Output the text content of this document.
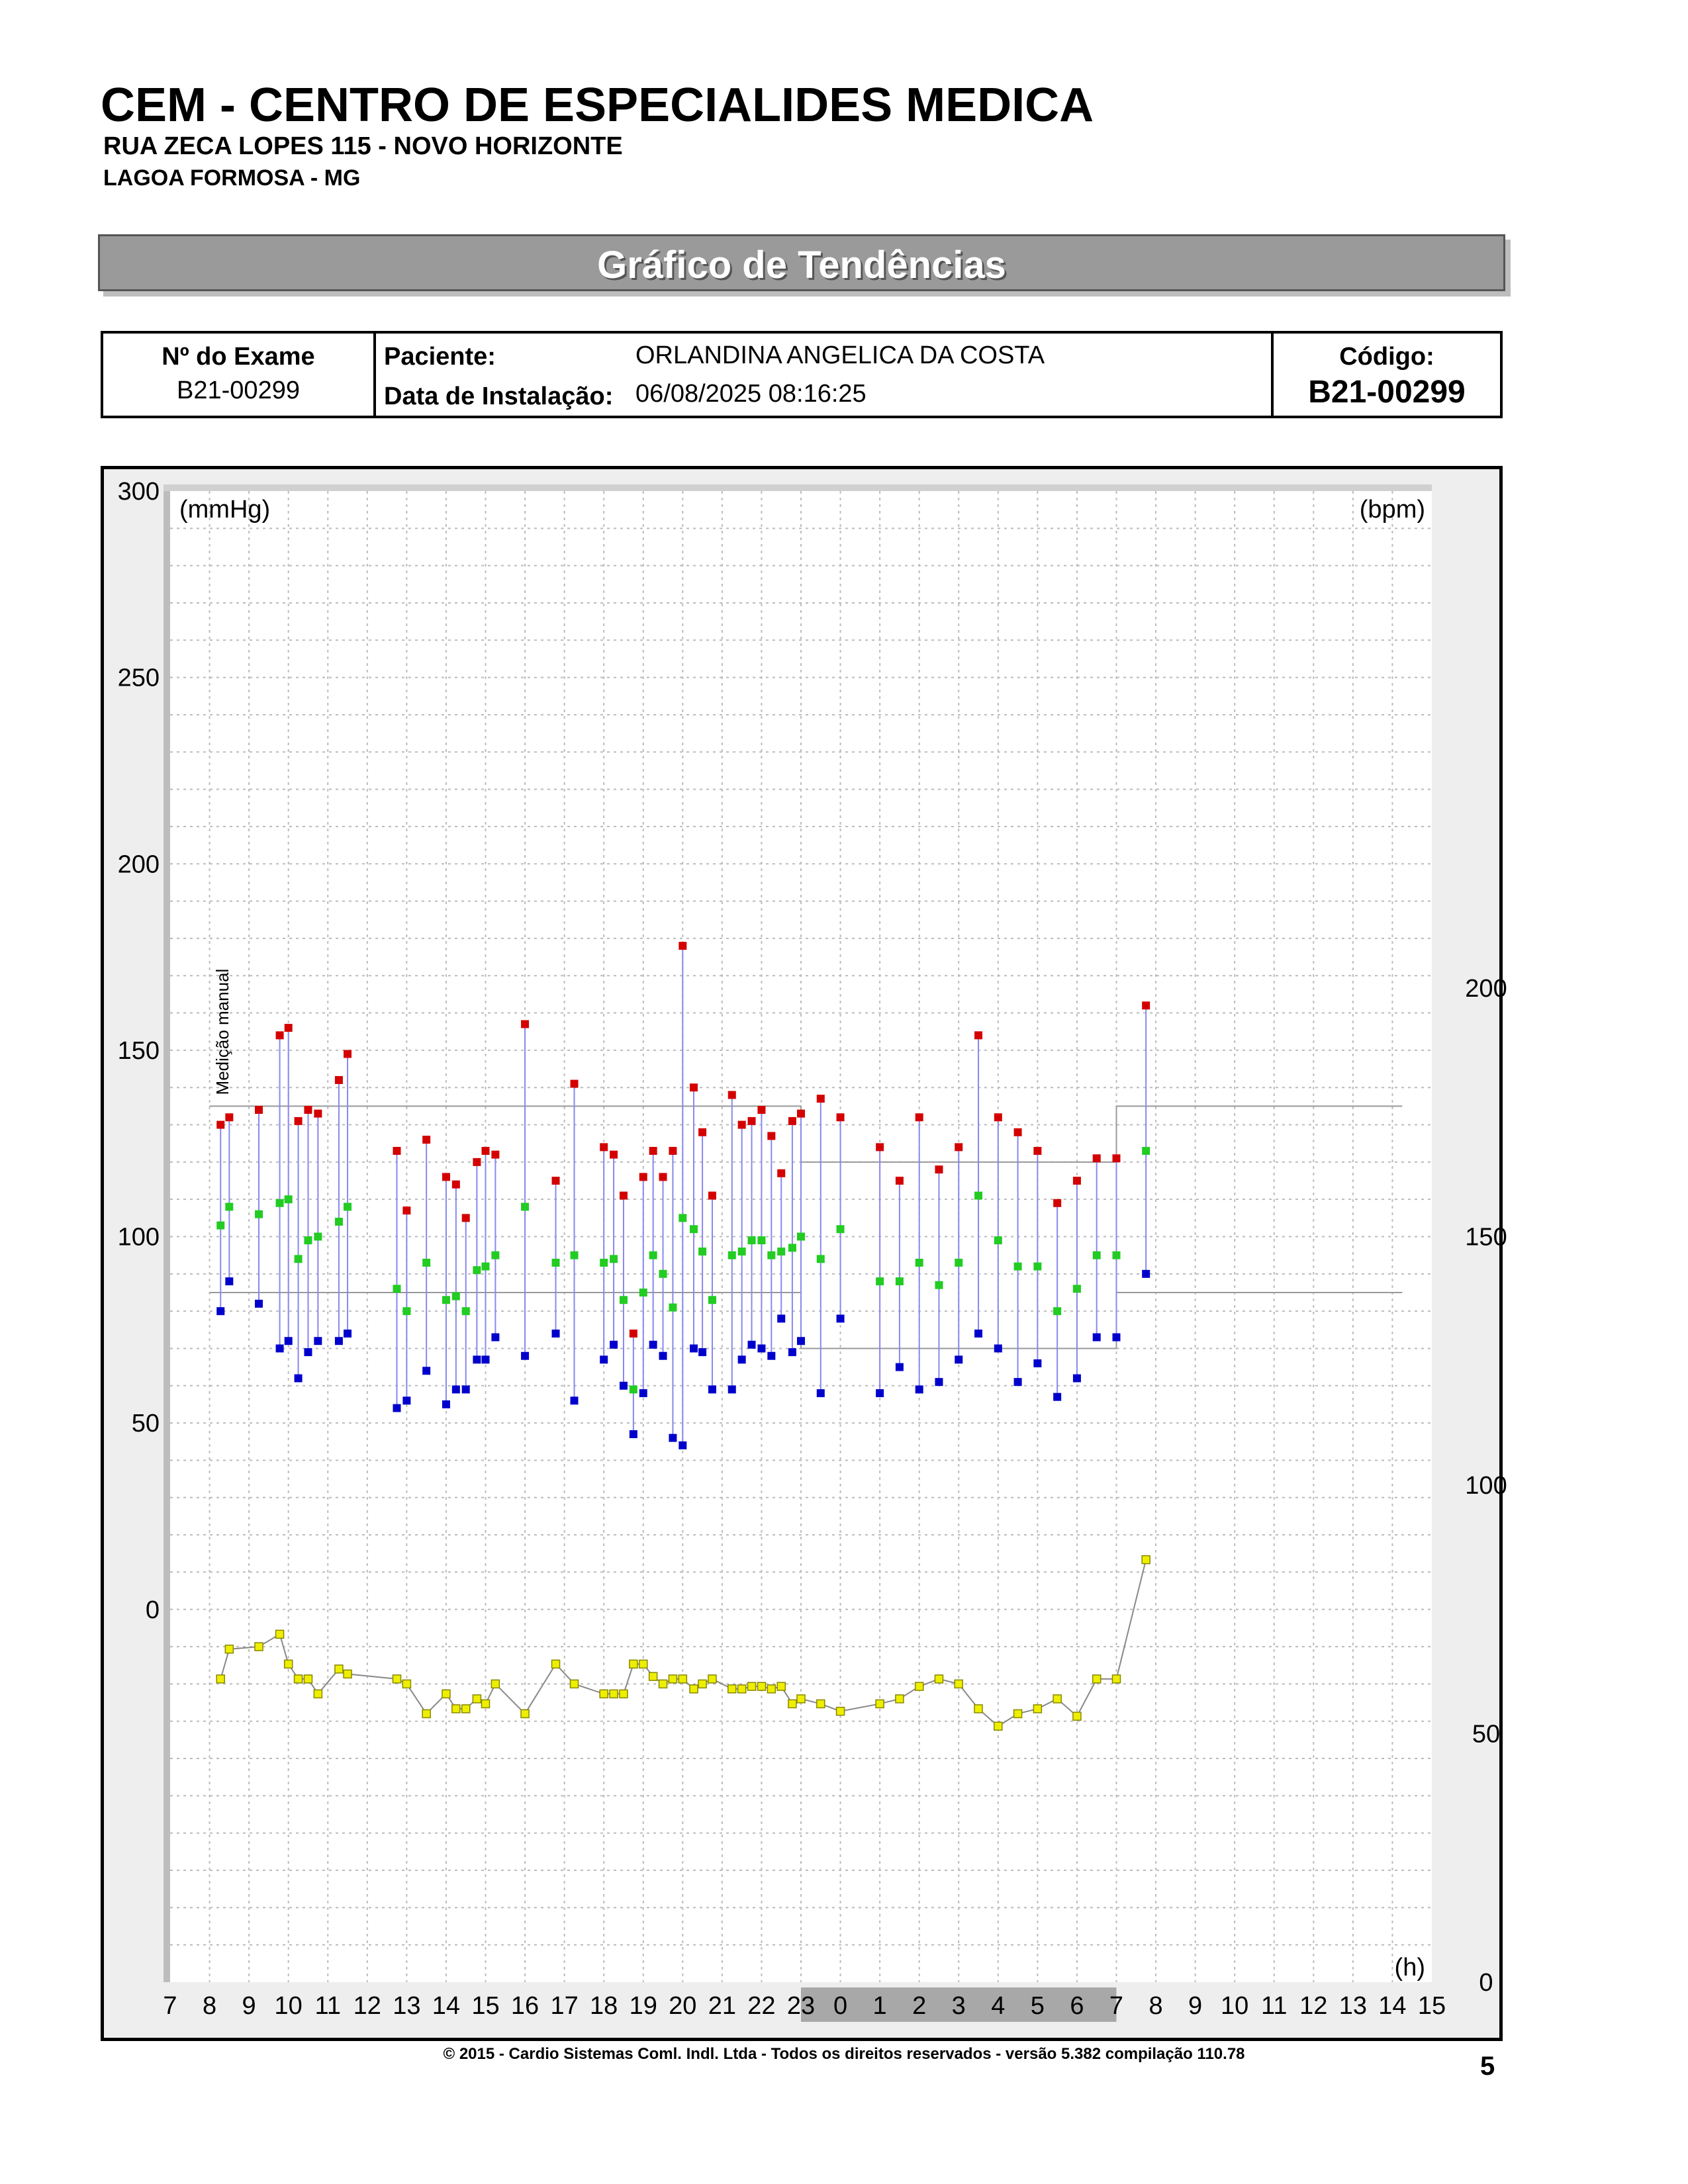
CEM - CENTRO DE ESPECIALIDES MEDICA
RUA ZECA LOPES 115 - NOVO HORIZONTE
LAGOA FORMOSA - MG
Gráfico de Tendências
Nº do Exame
B21-00299
Paciente:	ORLANDINA ANGELICA DA COSTA
Data de Instalação: 06/08/2025 08:16:25
Código:
B21-00299
300
250
200
150
100
50
0
200
150
100
50
0
7 8 9 10 11 12 13 14 15 16 17 18 19 20 21 22 23 0 1 2 3 4 5 6 7 8 9 10 11 12 13 14 15
(mmHg)	(bpm)
(h)
Medição manual
© 2015 - Cardio Sistemas Coml. Indl. Ltda - Todos os direitos reservados - versão 5.382 compilação 110.78	5
